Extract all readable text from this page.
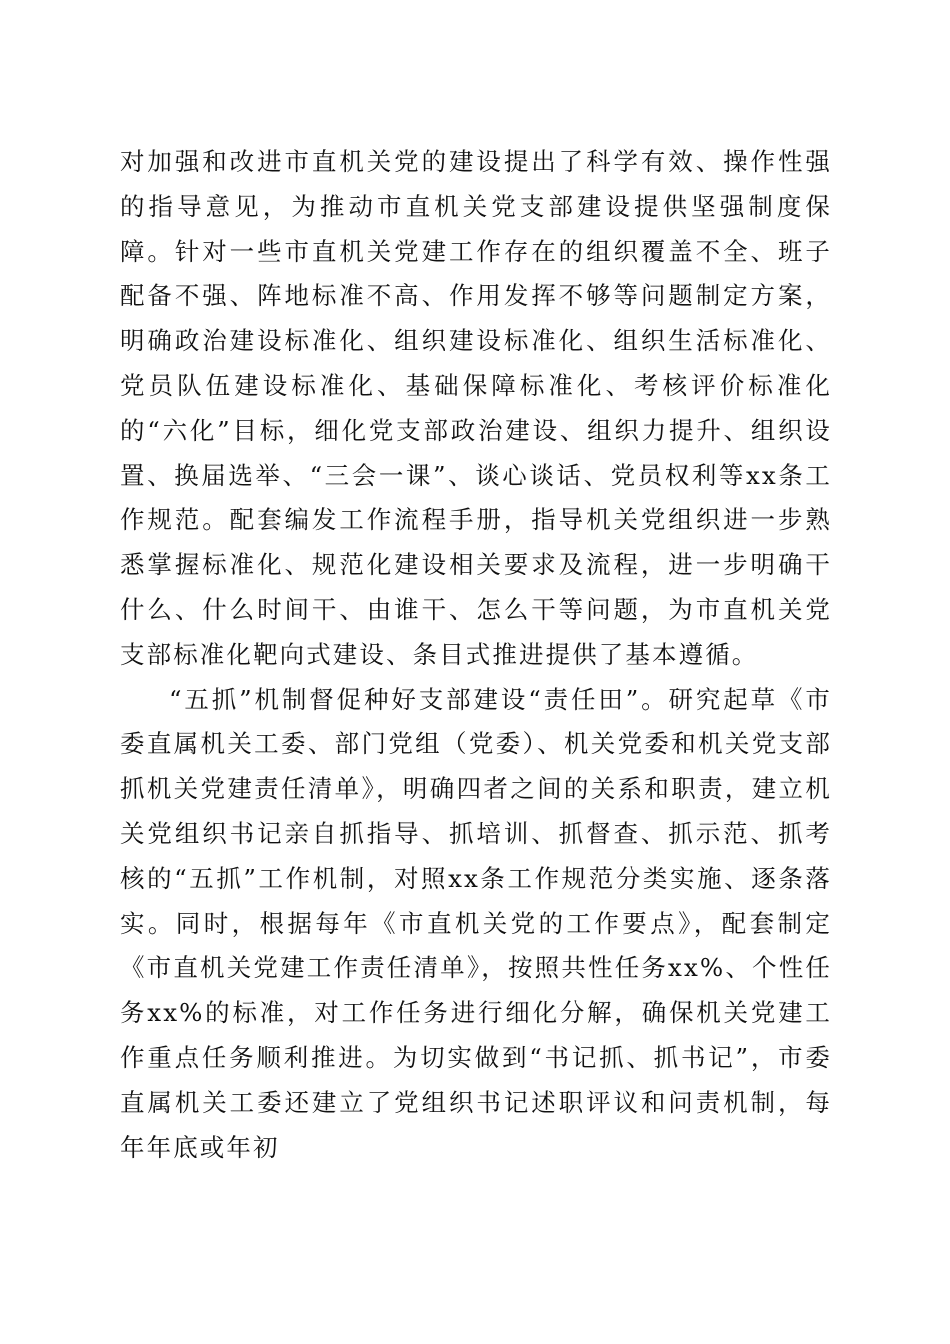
对加强和改进市直机关党的建设提出了科学有效、操作性强的指导意见，为推动市直机关党支部建设提供坚强制度保障。针对一些市直机关党建工作存在的组织覆盖不全、班子配备不强、阵地标准不高、作用发挥不够等问题制定方案，明确政治建设标准化、组织建设标准化、组织生活标准化、党员队伍建设标准化、基础保障标准化、考核评价标准化的“六化”目标，细化党支部政治建设、组织力提升、组织设置、换届选举、“三会一课”、谈心谈话、党员权利等xx条工作规范。配套编发工作流程手册，指导机关党组织进一步熟悉掌握标准化、规范化建设相关要求及流程，进一步明确干什么、什么时间干、由谁干、怎么干等问题，为市直机关党支部标准化靶向式建设、条目式推进提供了基本遵循。

“五抓”机制督促种好支部建设“责任田”。研究起草《市委直属机关工委、部门党组（党委）、机关党委和机关党支部抓机关党建责任清单》，明确四者之间的关系和职责，建立机关党组织书记亲自抓指导、抓培训、抓督查、抓示范、抓考核的“五抓”工作机制，对照xx条工作规范分类实施、逐条落实。同时，根据每年《市直机关党的工作要点》，配套制定《市直机关党建工作责任清单》，按照共性任务xx%、个性任务xx%的标准，对工作任务进行细化分解，确保机关党建工作重点任务顺利推进。为切实做到“书记抓、抓书记”，市委直属机关工委还建立了党组织书记述职评议和问责机制，每年年底或年初
